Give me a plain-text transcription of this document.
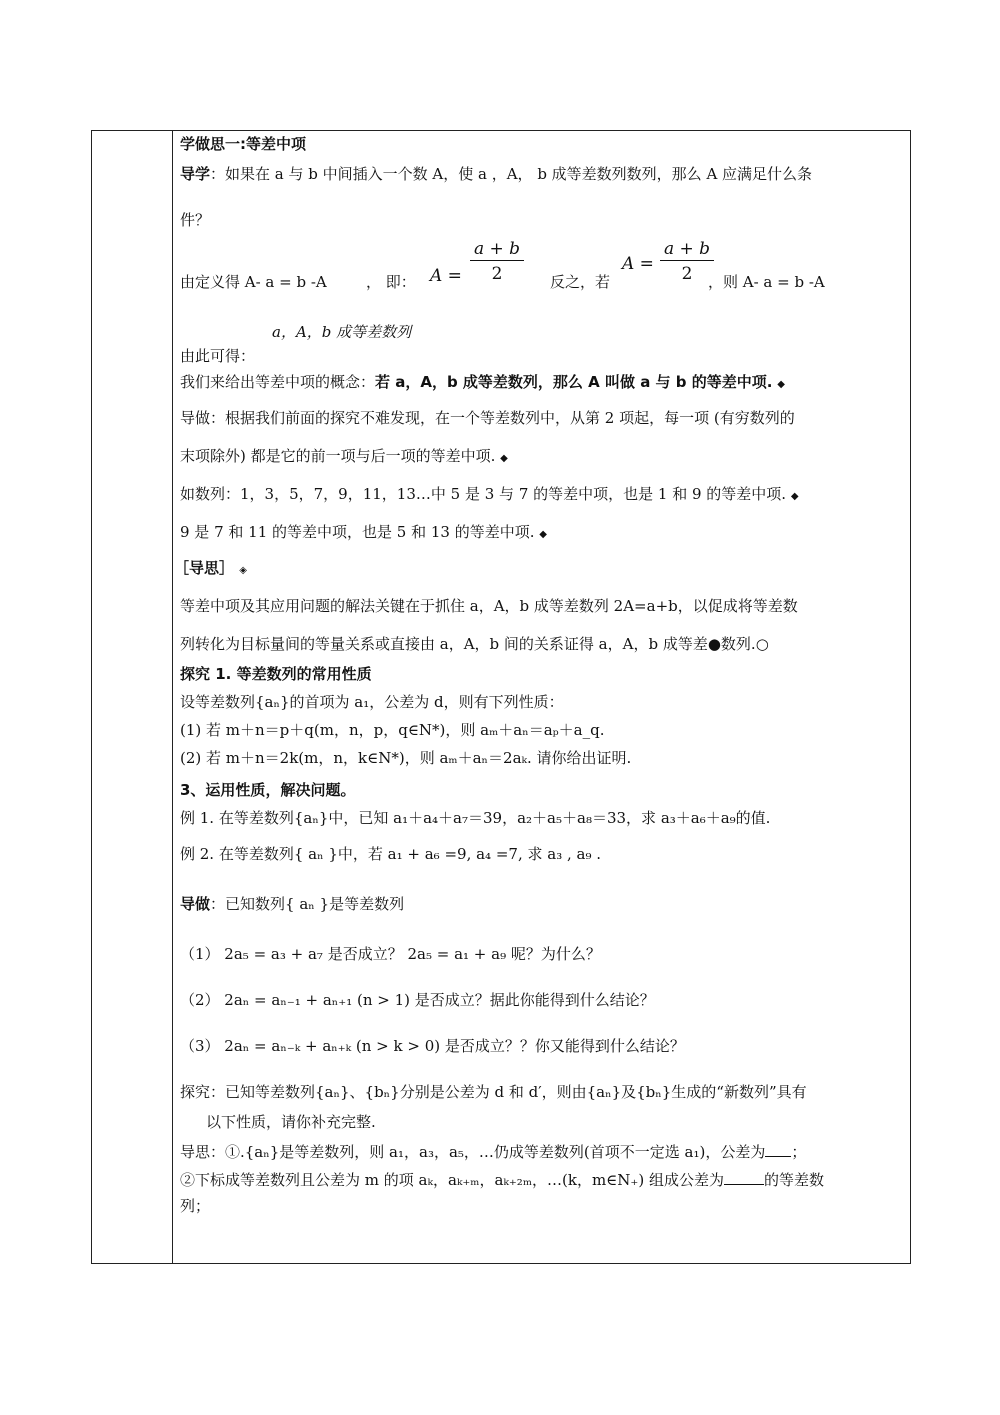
学做思一:等差中项
导学：如果在 a 与 b 中间插入一个数 A，使 a ，A， b 成等差数列数列，那么 A 应满足什么条
件？
由定义得 A- a = b -A	， 即： $A = \frac{a + b}{2}$ 反之，若
$A = \frac{a + b}{2}$
，则 A- a = b -A
a，A，b 成等差数列
由此可得：
我们来给出等差中项的概念：若 a，A，b 成等差数列，那么 A 叫做 a 与 b 的等差中项. ◆
导做：根据我们前面的探究不难发现，在一个等差数列中，从第 2 项起，每一项 (有穷数列的
末项除外) 都是它的前一项与后一项的等差中项. ◆
如数列：1，3，5，7，9，11，13…中 5 是 3 与 7 的等差中项，也是 1 和 9 的等差中项. ◆
9 是 7 和 11 的等差中项，也是 5 和 13 的等差中项. ◆
［导思］ ◈
等差中项及其应用问题的解法关键在于抓住 a，A，b 成等差数列 2A=a+b，以促成将等差数
列转化为目标量间的等量关系或直接由 a，A，b 间的关系证得 a，A，b 成等差●数列.○
探究 1. 等差数列的常用性质
设等差数列{aₙ}的首项为 a₁，公差为 d，则有下列性质：
(1) 若 m＋n＝p＋q(m，n，p，q∈N*)，则 aₘ＋aₙ＝aₚ＋a_q.
(2) 若 m＋n＝2k(m，n，k∈N*)，则 aₘ＋aₙ＝2aₖ. 请你给出证明.
3、运用性质，解决问题。
例 1. 在等差数列{aₙ}中，已知 a₁＋a₄＋a₇＝39，a₂＋a₅＋a₈＝33，求 a₃＋a₆＋a₉的值.
例 2. 在等差数列{ aₙ }中，若 a₁ + a₆ =9, a₄ =7, 求 a₃ , a₉ .
导做：已知数列{ aₙ }是等差数列
（1） 2a₅ = a₃ + a₇ 是否成立？ 2a₅ = a₁ + a₉ 呢？为什么？
（2） 2aₙ = aₙ₋₁ + aₙ₊₁ (n > 1) 是否成立？据此你能得到什么结论？
（3） 2aₙ = aₙ₋ₖ + aₙ₊ₖ (n > k > 0) 是否成立？？你又能得到什么结论？
探究：已知等差数列{aₙ}、{bₙ}分别是公差为 d 和 d′，则由{aₙ}及{bₙ}生成的“新数列”具有
以下性质，请你补充完整.
导思：①.{aₙ}是等差数列，则 a₁，a₃，a₅，…仍成等差数列(首项不一定选 a₁)，公差为 ；
②下标成等差数列且公差为 m 的项 aₖ，aₖ₊ₘ，aₖ₊₂ₘ，…(k，m∈N₊) 组成公差为	的等差数
列；
